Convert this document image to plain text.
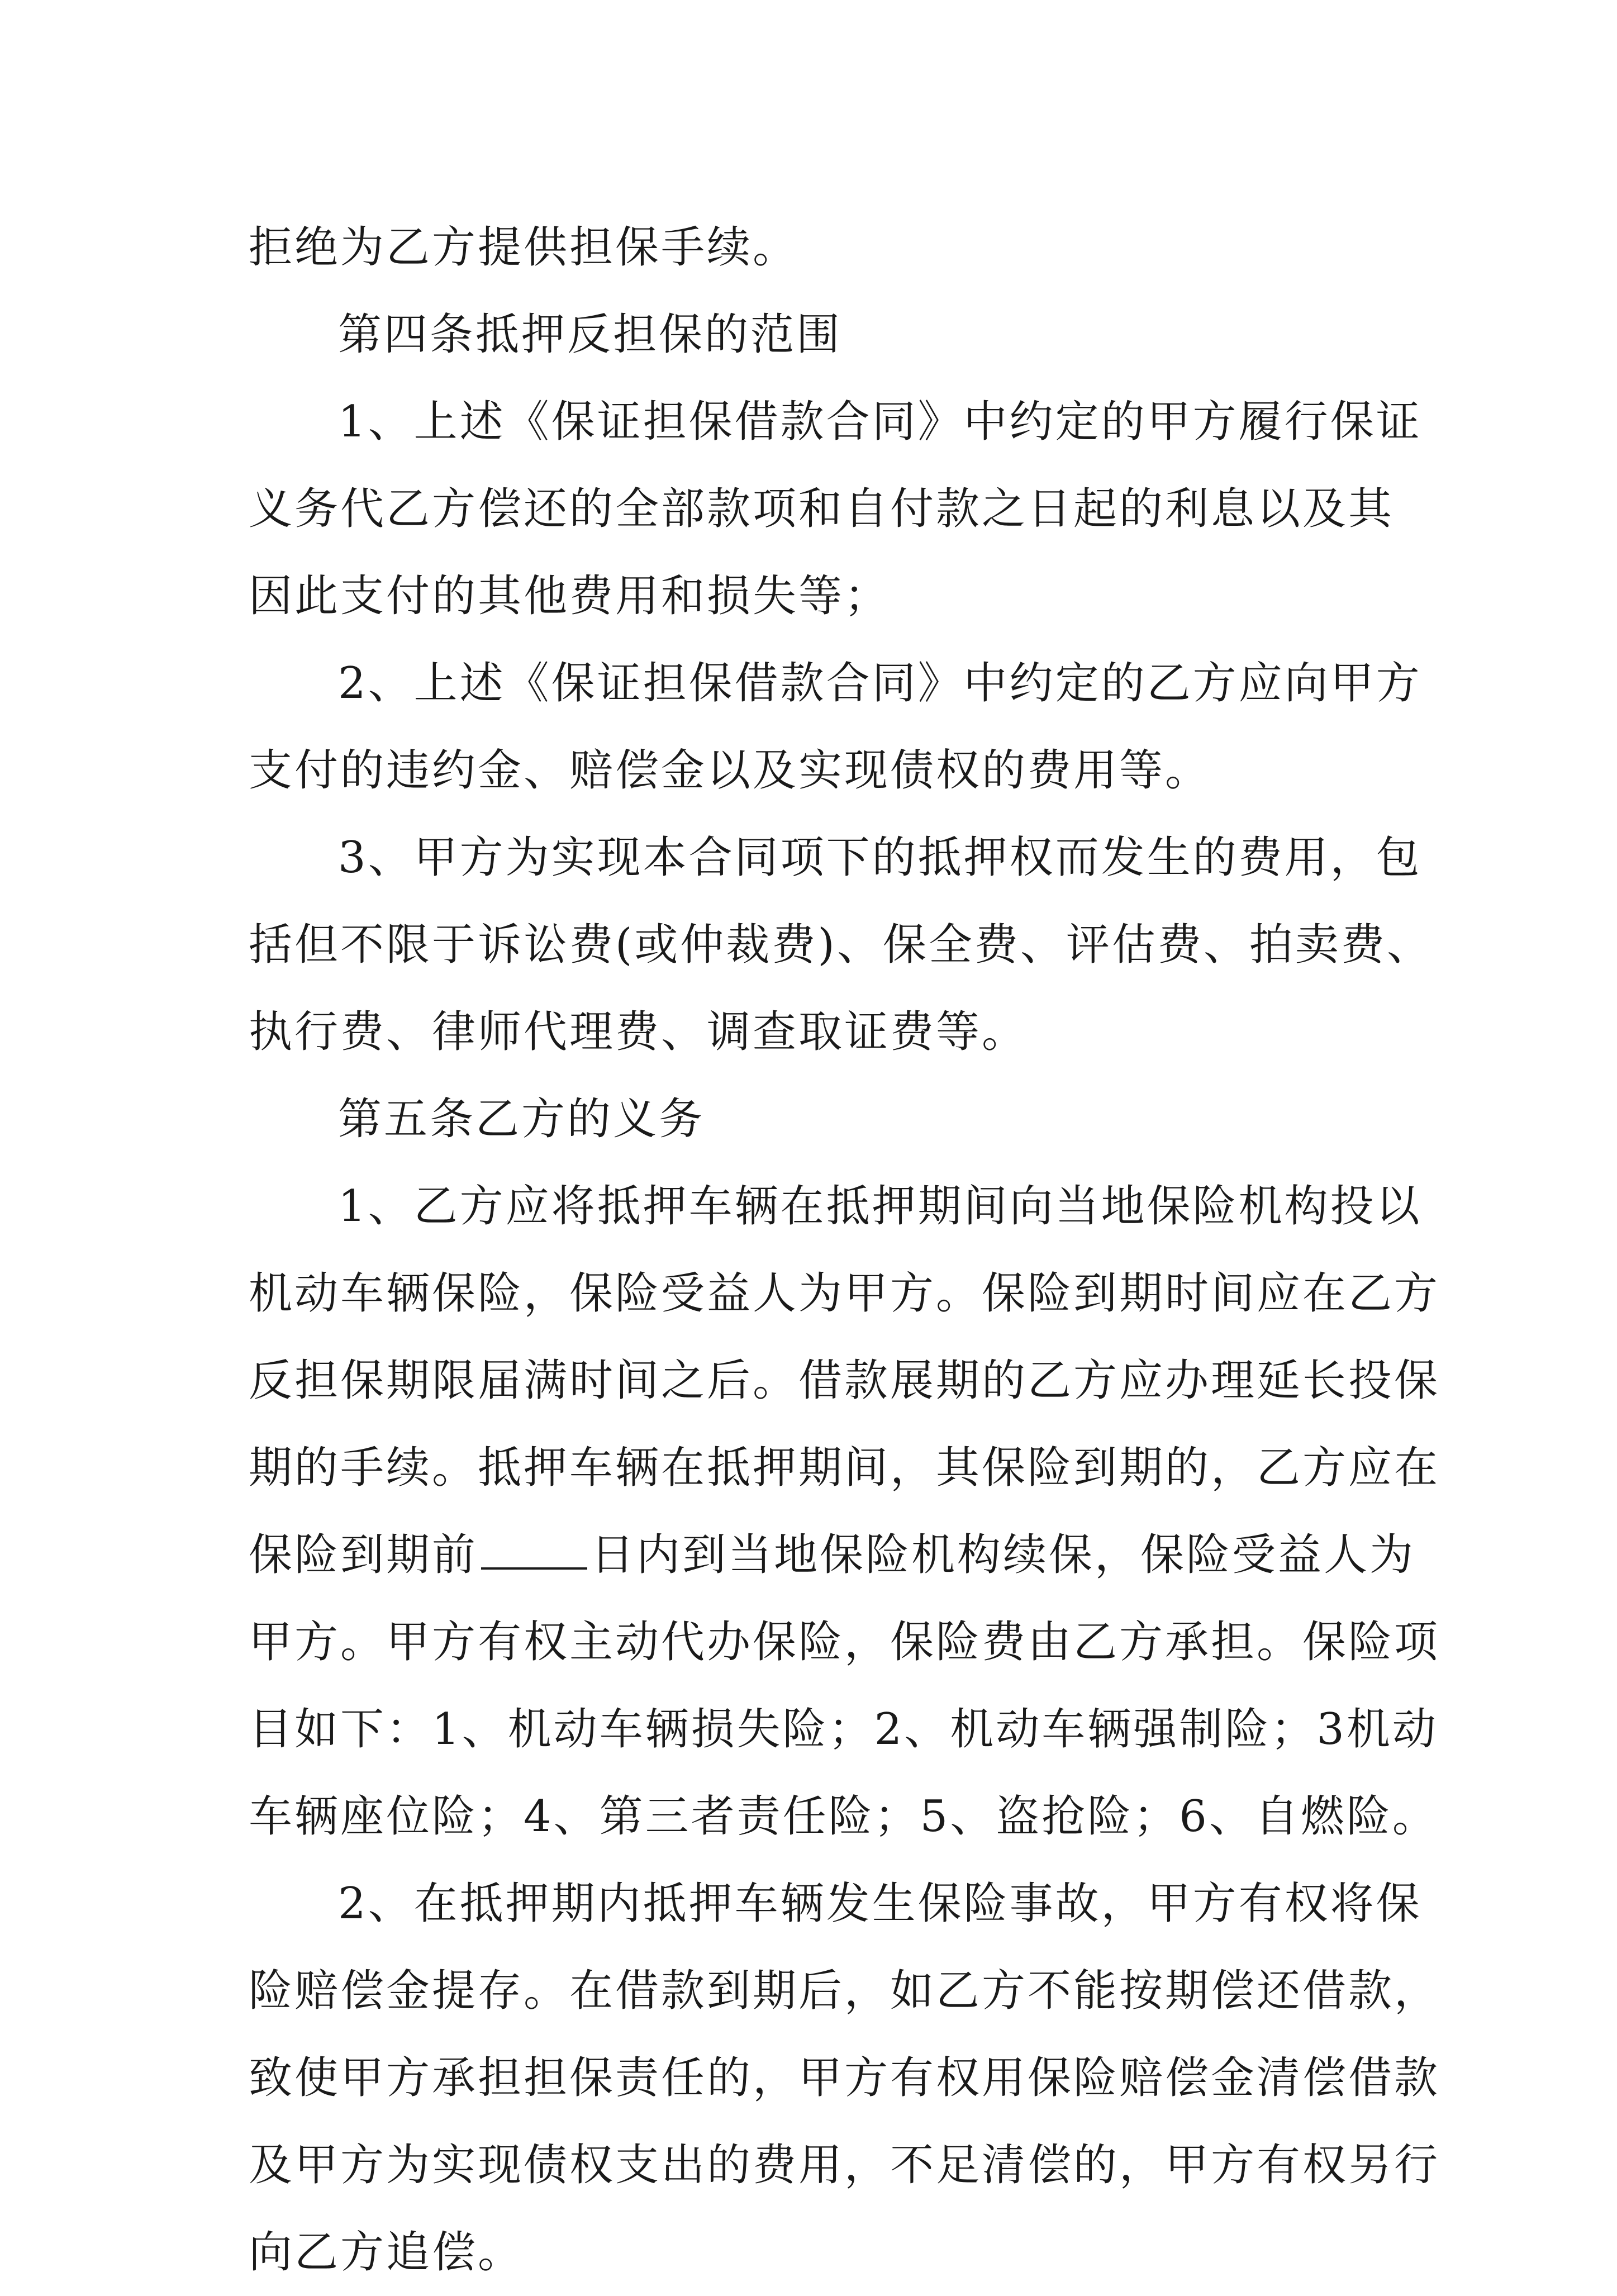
拒绝为乙方提供担保手续。
第四条抵押反担保的范围
1、上述《保证担保借款合同》中约定的甲方履行保证
义务代乙方偿还的全部款项和自付款之日起的利息以及其
因此支付的其他费用和损失等；
2、上述《保证担保借款合同》中约定的乙方应向甲方
支付的违约金、赔偿金以及实现债权的费用等。
3、甲方为实现本合同项下的抵押权而发生的费用，包
括但不限于诉讼费(或仲裁费)、保全费、评估费、拍卖费、
执行费、律师代理费、调查取证费等。
第五条乙方的义务
1、乙方应将抵押车辆在抵押期间向当地保险机构投以
机动车辆保险，保险受益人为甲方。保险到期时间应在乙方
反担保期限届满时间之后。借款展期的乙方应办理延长投保
期的手续。抵押车辆在抵押期间，其保险到期的，乙方应在
保险到期前	日内到当地保险机构续保，保险受益人为
甲方。甲方有权主动代办保险，保险费由乙方承担。保险项
目如下：1、机动车辆损失险；2、机动车辆强制险；3机动
车辆座位险；4、第三者责任险；5、盗抢险；6、自燃险。
2、在抵押期内抵押车辆发生保险事故，甲方有权将保
险赔偿金提存。在借款到期后，如乙方不能按期偿还借款，
致使甲方承担担保责任的，甲方有权用保险赔偿金清偿借款
及甲方为实现债权支出的费用，不足清偿的，甲方有权另行
向乙方追偿。
